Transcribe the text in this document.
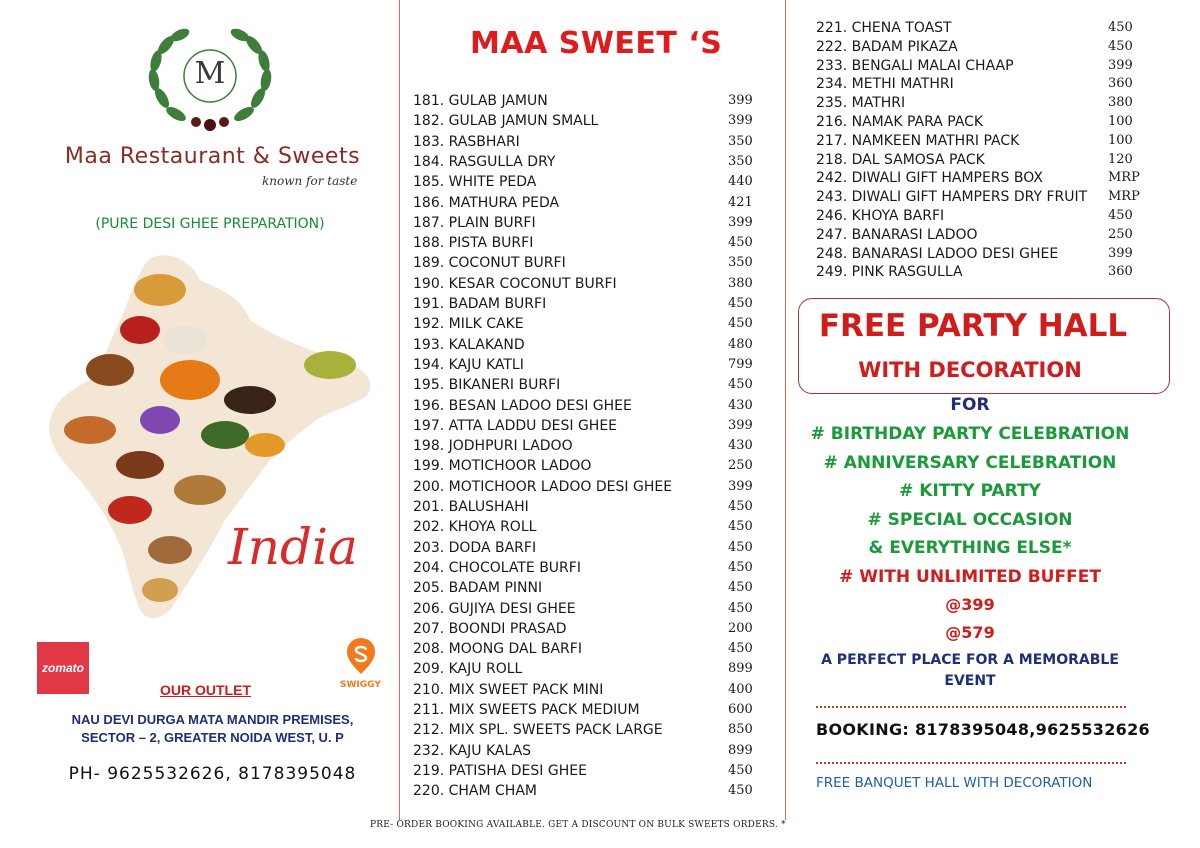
M
Maa Restaurant & Sweets
known for taste
(PURE DESI GHEE PREPARATION)
India
zomato
SWIGGY
OUR OUTLET
NAU DEVI DURGA MATA MANDIR PREMISES,
SECTOR – 2, GREATER NOIDA WEST, U. P
PH- 9625532626, 8178395048
MAA SWEET ‘S
181. GULAB JAMUN	399
182. GULAB JAMUN SMALL	399
183. RASBHARI	350
184. RASGULLA DRY	350
185. WHITE PEDA	440
186. MATHURA PEDA	421
187. PLAIN BURFI	399
188. PISTA BURFI	450
189. COCONUT BURFI	350
190. KESAR COCONUT BURFI	380
191. BADAM BURFI	450
192. MILK CAKE	450
193. KALAKAND	480
194. KAJU KATLI	799
195. BIKANERI BURFI	450
196. BESAN LADOO DESI GHEE	430
197. ATTA LADDU DESI GHEE	399
198. JODHPURI LADOO	430
199. MOTICHOOR LADOO	250
200. MOTICHOOR LADOO DESI GHEE	399
201. BALUSHAHI	450
202. KHOYA ROLL	450
203. DODA BARFI	450
204. CHOCOLATE BURFI	450
205. BADAM PINNI	450
206. GUJIYA DESI GHEE	450
207. BOONDI PRASAD	200
208. MOONG DAL BARFI	450
209. KAJU ROLL	899
210. MIX SWEET PACK MINI	400
211. MIX SWEETS PACK MEDIUM	600
212. MIX SPL. SWEETS PACK LARGE	850
232. KAJU KALAS	899
219. PATISHA DESI GHEE	450
220. CHAM CHAM	450
221. CHENA TOAST	450
222. BADAM PIKAZA	450
233. BENGALI MALAI CHAAP	399
234. METHI MATHRI	360
235. MATHRI	380
216. NAMAK PARA PACK	100
217. NAMKEEN MATHRI PACK	100
218. DAL SAMOSA PACK	120
242. DIWALI GIFT HAMPERS BOX	MRP
243. DIWALI GIFT HAMPERS DRY FRUIT MRP
246. KHOYA BARFI	450
247. BANARASI LADOO	250
248. BANARASI LADOO DESI GHEE	399
249. PINK RASGULLA	360
FREE PARTY HALL
WITH DECORATION
FOR
# BIRTHDAY PARTY CELEBRATION
# ANNIVERSARY CELEBRATION
# KITTY PARTY
# SPECIAL OCCASION
& EVERYTHING ELSE*
# WITH UNLIMITED BUFFET
@399
@579
A PERFECT PLACE FOR A MEMORABLE
EVENT
BOOKING: 8178395048,9625532626
FREE BANQUET HALL WITH DECORATION
PRE- ORDER BOOKING AVAILABLE. GET A DISCOUNT ON BULK SWEETS ORDERS. *
